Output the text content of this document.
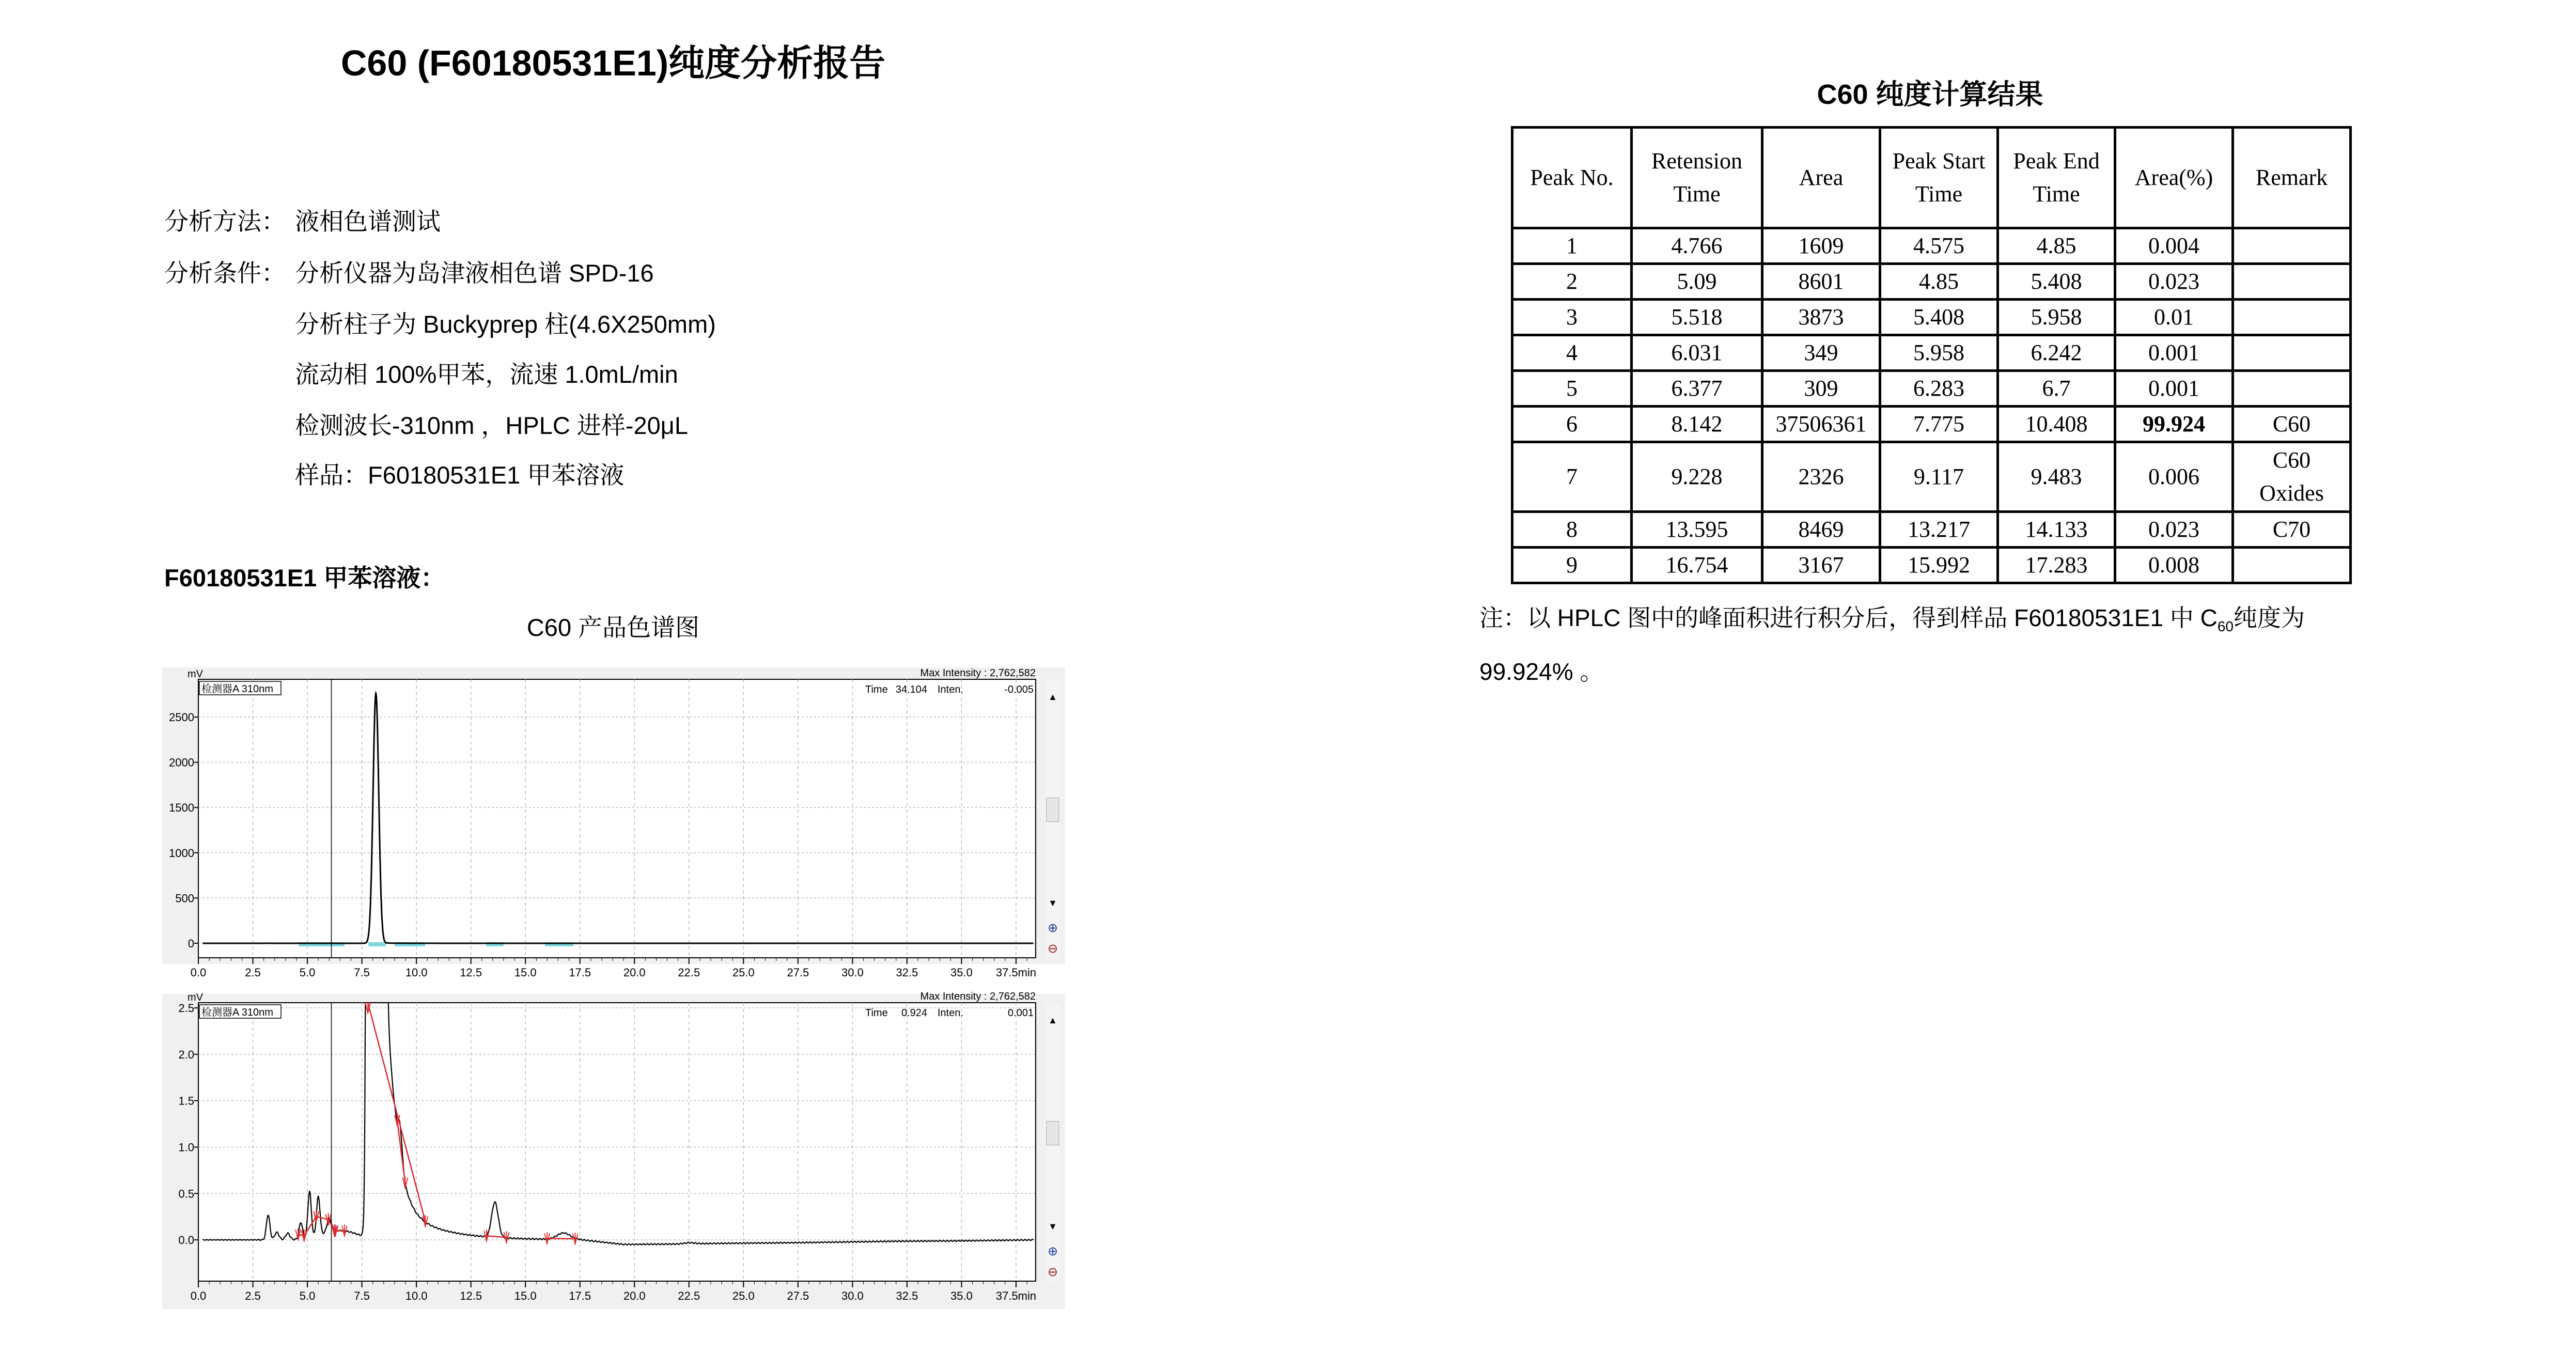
C60 (F60180531E1)纯度分析报告
分析方法： 液相色谱测试
分析条件： 分析仪器为岛津液相色谱 SPD-16
分析柱子为 Buckyprep 柱(4.6X250mm)
流动相 100%甲苯，流速 1.0mL/min
检测波长-310nm ，HPLC 进样-20μL
样品：F60180531E1 甲苯溶液
F60180531E1 甲苯溶液：
C60 产品色谱图
0.0	2.5	5.0	7.5	10.0	12.5	15.0	17.5	20.0	22.5	25.0	27.5	30.0	32.5	35.0 37.5min
0
500
1000
1500
2000
2500
mV	Max Intensity : 2,762,582
检测器A 310nm	Time 34.104 Inten.	-0.005
▲
▼
⊕
⊖
0.0	2.5	5.0	7.5	10.0	12.5	15.0	17.5	20.0	22.5	25.0	27.5	30.0	32.5	35.0 37.5min
0.0
0.5
1.0
1.5
2.0
2.5
mV	Max Intensity : 2,762,582
检测器A 310nm	Time 0.924 Inten.	0.001
▲
▼
⊕
⊖
C60 纯度计算结果
Peak No.	Retension Time	Area	Peak Start Time	Peak End Time	Area(%)	Remark
1	4.766	1609	4.575	4.85	0.004	
2	5.09	8601	4.85	5.408	0.023	
3	5.518	3873	5.408	5.958	0.01	
4	6.031	349	5.958	6.242	0.001	
5	6.377	309	6.283	6.7	0.001	
6	8.142	37506361	7.775	10.408	99.924	C60
7	9.228	2326	9.117	9.483	0.006	C60 Oxides
8	13.595	8469	13.217	14.133	0.023	C70
9	16.754	3167	15.992	17.283	0.008	
注：以 HPLC 图中的峰面积进行积分后，得到样品 F60180531E1 中 $C_{60}$纯度为
99.924% 。
